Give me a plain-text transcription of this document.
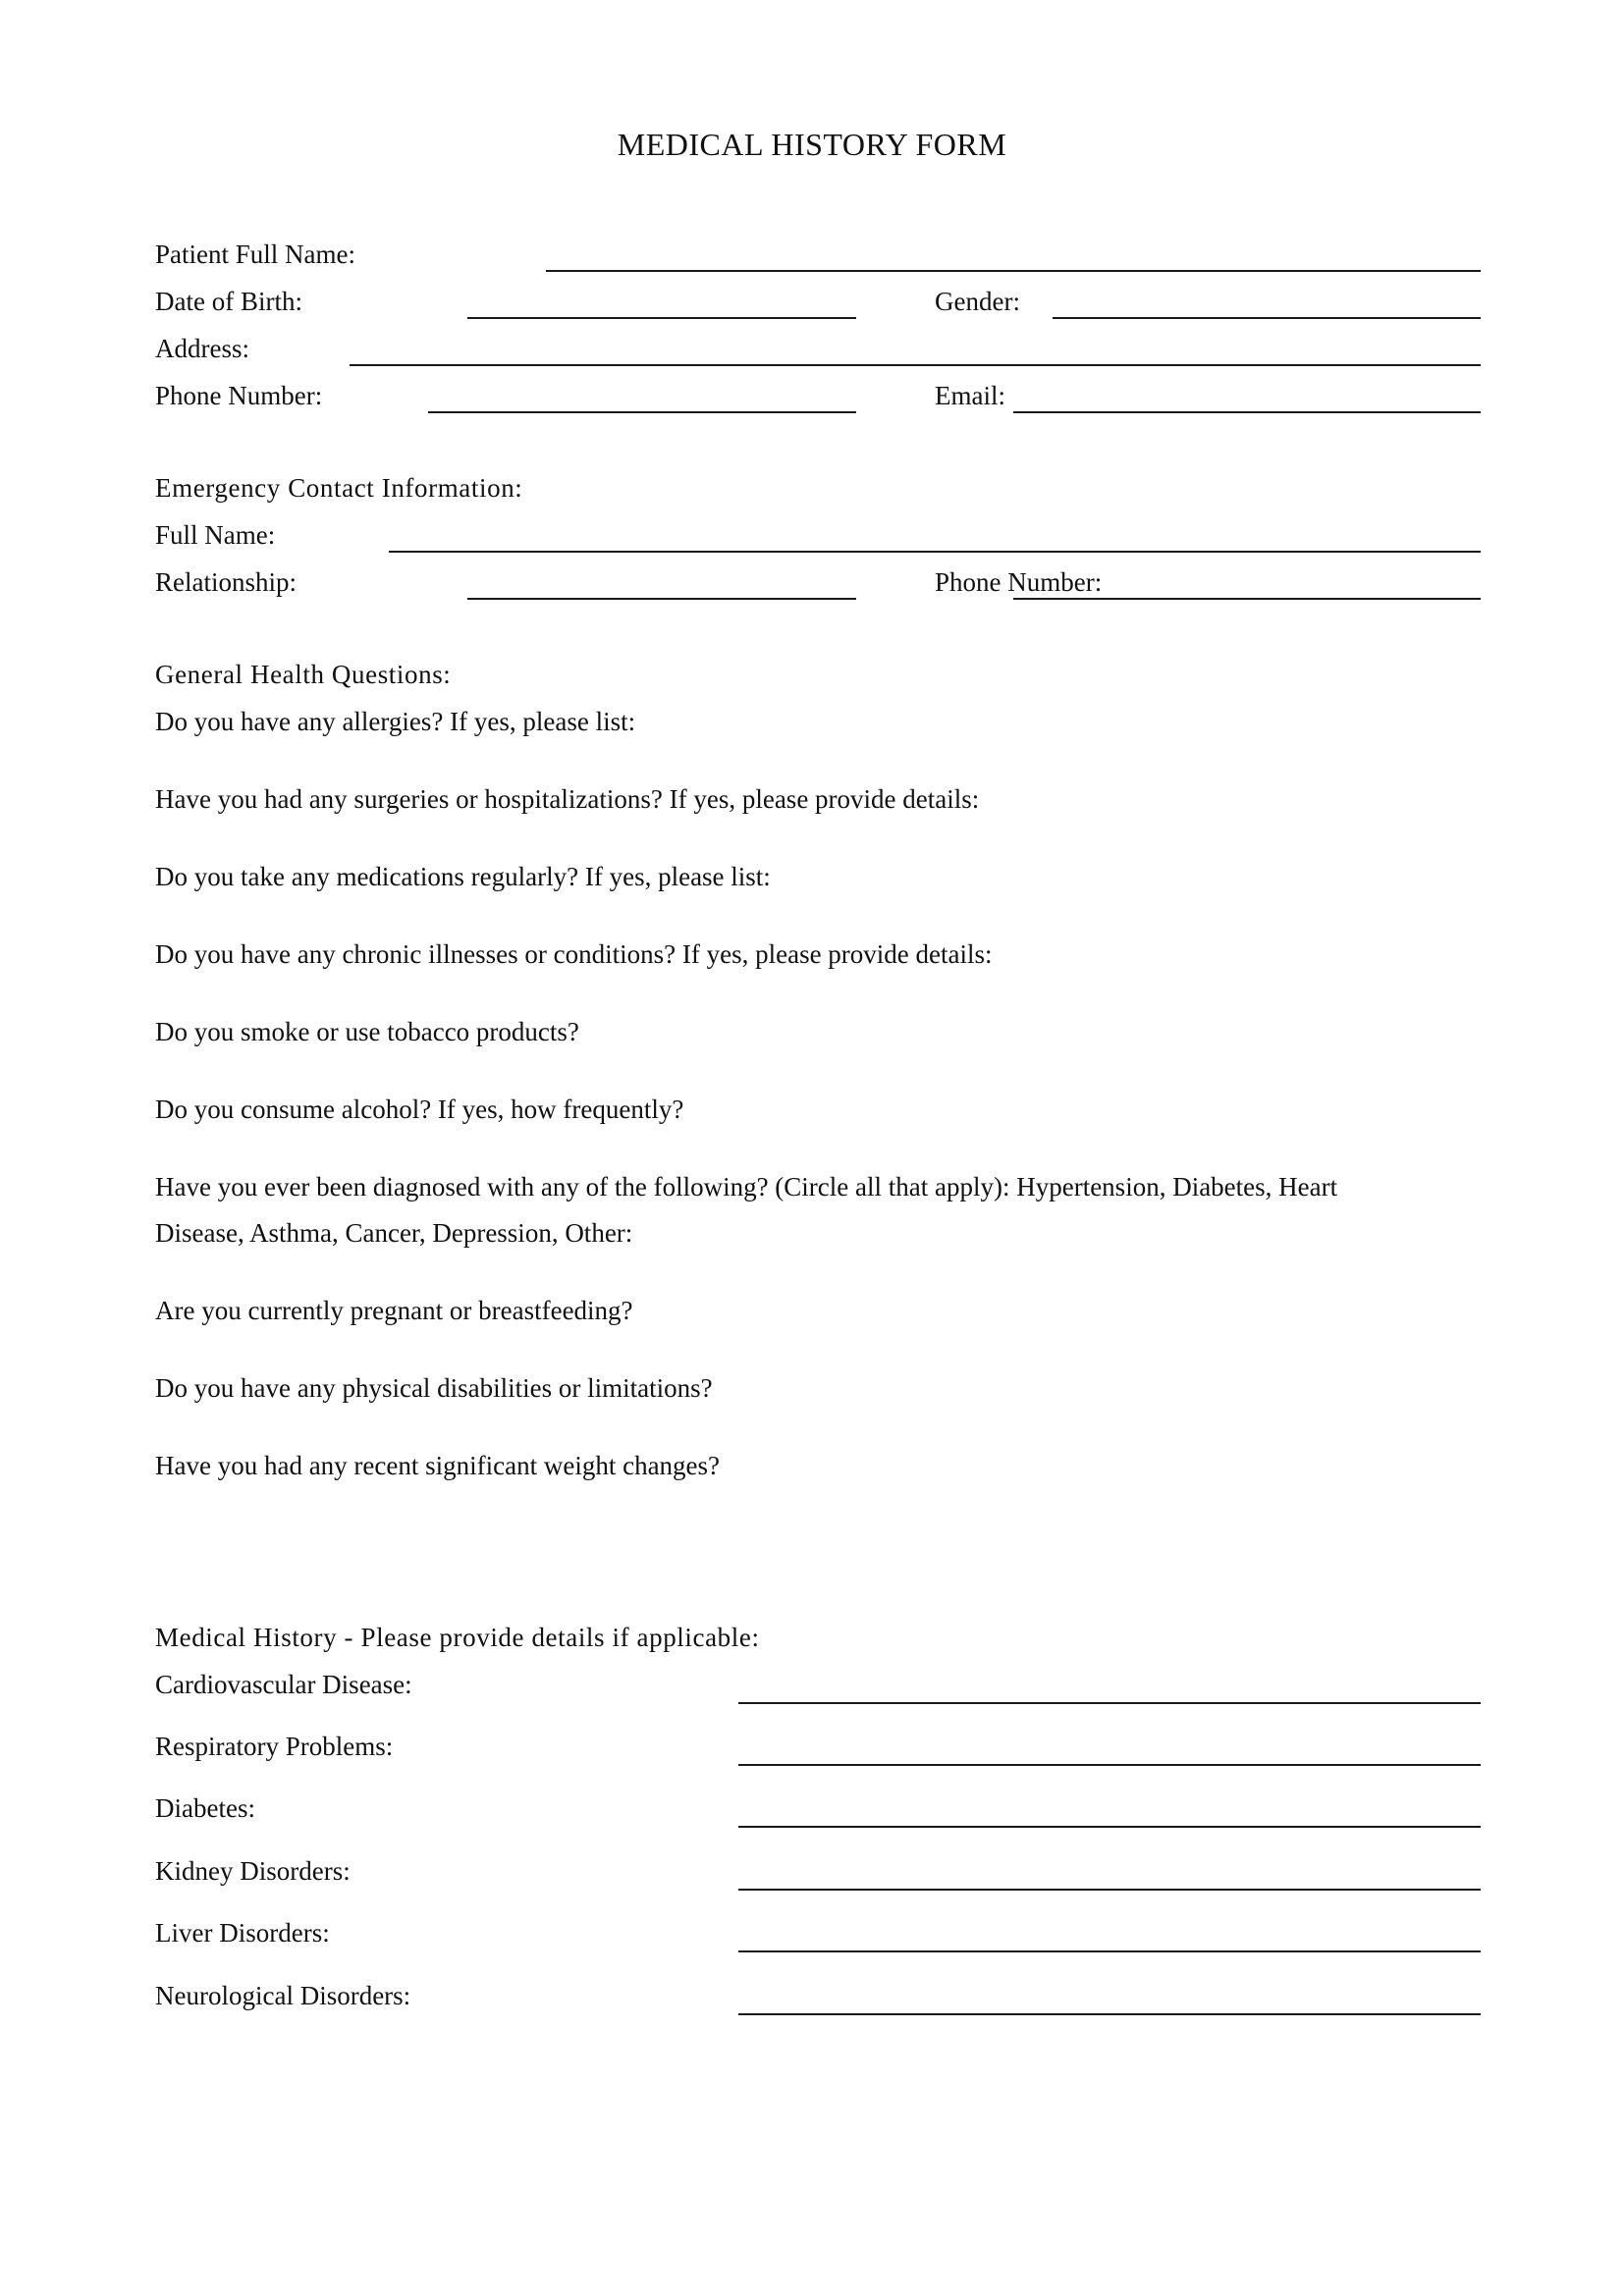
MEDICAL HISTORY FORM
Patient Full Name:
Date of Birth:	Gender:
Address:
Phone Number:	Email:
Emergency Contact Information:
Full Name:
Relationship:	Phone Number:
General Health Questions:
Do you have any allergies? If yes, please list:
Have you had any surgeries or hospitalizations? If yes, please provide details:
Do you take any medications regularly? If yes, please list:
Do you have any chronic illnesses or conditions? If yes, please provide details:
Do you smoke or use tobacco products?
Do you consume alcohol? If yes, how frequently?
Have you ever been diagnosed with any of the following? (Circle all that apply): Hypertension, Diabetes, Heart
Disease, Asthma, Cancer, Depression, Other:
Are you currently pregnant or breastfeeding?
Do you have any physical disabilities or limitations?
Have you had any recent significant weight changes?
Medical History - Please provide details if applicable:
Cardiovascular Disease:
Respiratory Problems:
Diabetes:
Kidney Disorders:
Liver Disorders:
Neurological Disorders:
